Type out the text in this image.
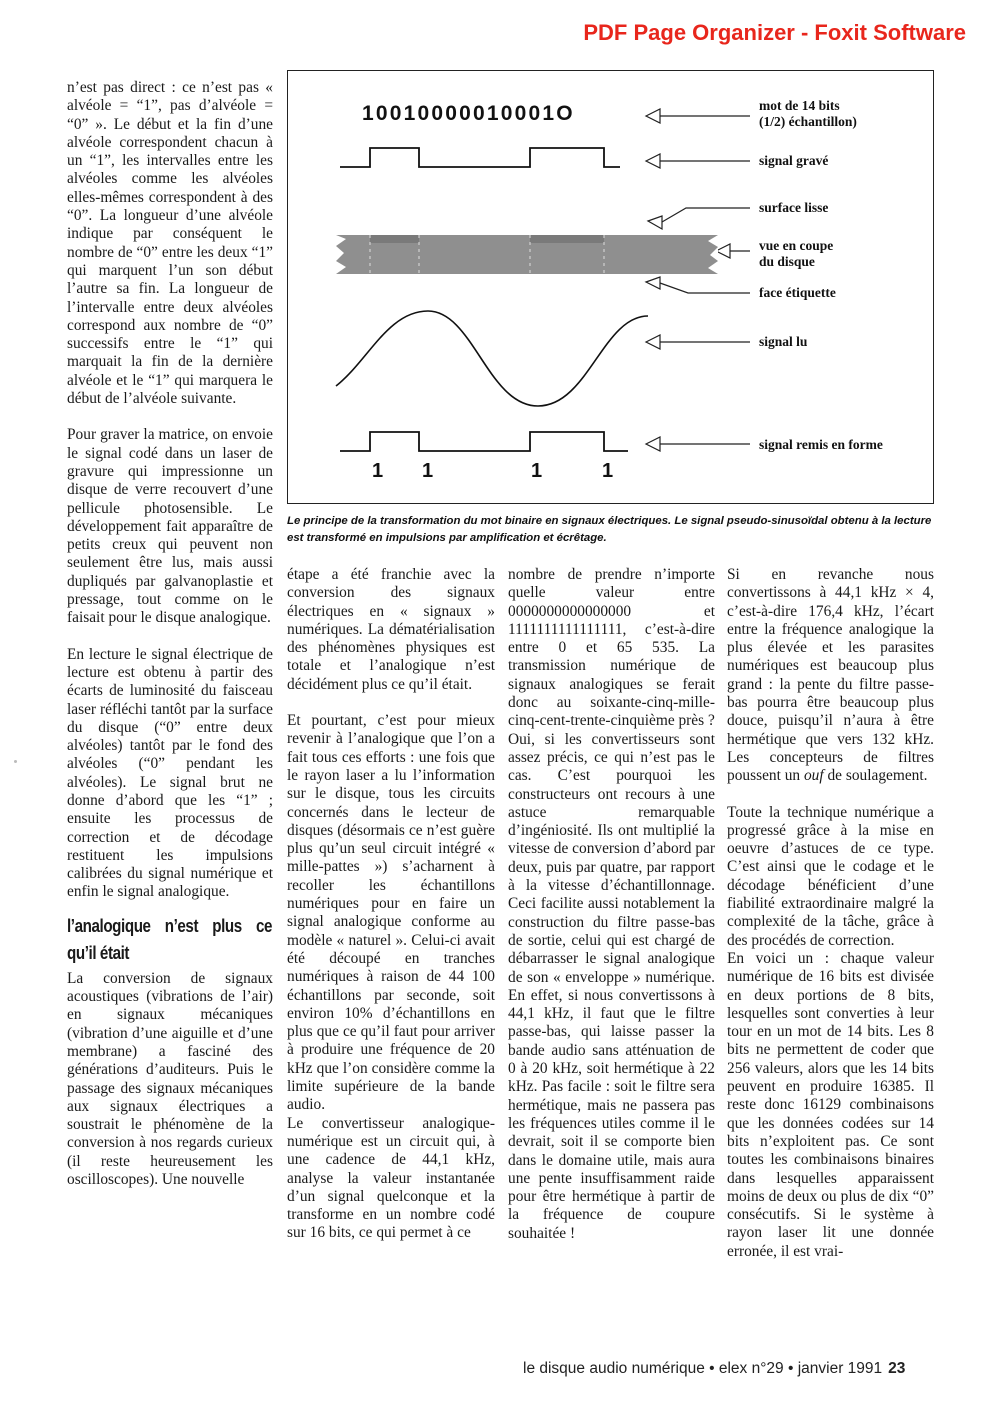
PDF Page Organizer - Foxit Software

n’est pas direct : ce n’est pas « alvéole = “1”, pas d’alvéole = “0” ». Le début et la fin d’une alvéole correspondent chacun à un “1”, les intervalles entre les alvéoles comme les alvéoles elles-mêmes correspondent à des “0”. La longueur d’une alvéole indique par conséquent le nombre de “0” entre les deux “1” qui marquent l’un son début l’autre sa fin. La longueur de l’intervalle entre deux alvéoles correspond aux nombre de “0” successifs entre le “1” qui marquait la fin de la dernière alvéole et le “1” qui marquera le début de l’alvéole suivante.

Pour graver la matrice, on envoie le signal codé dans un laser de gravure qui impressionne un disque de verre recouvert d’une pellicule photosensible. Le développement fait apparaître de petits creux qui peuvent non seulement être lus, mais aussi dupliqués par galvanoplastie et pressage, tout comme on le faisait pour le disque analogique.

En lecture le signal électrique de lecture est obtenu à partir des écarts de luminosité du faisceau laser réfléchi tantôt par la surface du disque (“0” entre deux alvéoles) tantôt par le fond des alvéoles (“0” pendant les alvéoles). Le signal brut ne donne d’abord que les “1” ; ensuite les processus de correction et de décodage restituent les impulsions calibrées du signal numérique et enfin le signal analogique.

l’analogique n’est plus ce qu’il était

La conversion de signaux acoustiques (vibrations de l’air) en signaux mécaniques (vibration d’une aiguille et d’une membrane) a fasciné des générations d’auditeurs. Puis le passage des signaux mécaniques aux signaux électriques a soustrait le phénomène de la conversion à nos regards curieux (il reste heureusement les oscilloscopes). Une nouvelle

mot de 14 bits
(1/2) échantillon)
signal gravé
surface lisse
vue en coupe
du disque
face étiquette
signal lu
signal remis en forme
10010000010001O
1 1	1	1
Le principe de la transformation du mot binaire en signaux électriques. Le signal pseudo-sinusoïdal obtenu à la lecture est transformé en impulsions par amplification et écrêtage.

étape a été franchie avec la conversion des signaux électriques en « signaux » numériques. La dématérialisation des phénomènes physiques est totale et l’analogique n’est décidément plus ce qu’il était.

Et pourtant, c’est pour mieux revenir à l’analogique que l’on a fait tous ces efforts : une fois que le rayon laser a lu l’information sur le disque, tous les circuits concernés dans le lecteur de disques (désormais ce n’est guère plus qu’un seul circuit intégré « mille-pattes ») s’acharnent à recoller les échantillons numériques pour en faire un signal analogique conforme au modèle « naturel ». Celui-ci avait été découpé en tranches numériques à raison de 44 100 échantillons par seconde, soit environ 10% d’échantillons en plus que ce qu’il faut pour arriver à produire une fréquence de 20 kHz que l’on considère comme la limite supérieure de la bande audio.

Le convertisseur analogique-numérique est un circuit qui, à une cadence de 44,1 kHz, analyse la valeur instantanée d’un signal quelconque et la transforme en un nombre codé sur 16 bits, ce qui permet à ce

nombre de prendre n’importe quelle valeur entre 0000000000000000 et 1111111111111111, c’est-à-dire entre 0 et 65 535. La transmission numérique de signaux analogiques se ferait donc au soixante-cinq-mille-cinq-cent-trente-cinquième près ?

Oui, si les convertisseurs sont assez précis, ce qui n’est pas le cas. C’est pourquoi les constructeurs ont recours à une astuce remarquable d’ingéniosité. Ils ont multiplié la vitesse de conversion d’abord par deux, puis par quatre, par rapport à la vitesse d’échantillonnage. Ceci facilite aussi notablement la construction du filtre passe-bas de sortie, celui qui est chargé de débarrasser le signal analogique de son « enveloppe » numérique. En effet, si nous convertissons à 44,1 kHz, il faut que le filtre passe-bas, qui laisse passer la bande audio sans atténuation de 0 à 20 kHz, soit hermétique à 22 kHz. Pas facile : soit le filtre sera hermétique, mais ne passera pas les fréquences utiles comme il le devrait, soit il se comporte bien dans le domaine utile, mais aura une pente insuffisamment raide pour être hermétique à partir de la fréquence de coupure souhaitée !

Si en revanche nous convertissons à 44,1 kHz × 4, c’est-à-dire 176,4 kHz, l’écart entre la fréquence analogique la plus élevée et les parasites numériques est beaucoup plus grand : la pente du filtre passe-bas pourra être beaucoup plus douce, puisqu’il n’aura à être hermétique que vers 132 kHz. Les concepteurs de filtres poussent un ouf de soulagement.

Toute la technique numérique a progressé grâce à la mise en oeuvre d’astuces de ce type. C’est ainsi que le codage et le décodage bénéficient d’une fiabilité extraordinaire malgré la complexité de la tâche, grâce à des procédés de correction.

En voici un : chaque valeur numérique de 16 bits est divisée en deux portions de 8 bits, lesquelles sont converties à leur tour en un mot de 14 bits. Les 8 bits ne permettent de coder que 256 valeurs, alors que les 14 bits peuvent en produire 16385. Il reste donc 16129 combinaisons que les données codées sur 14 bits n’exploitent pas. Ce sont toutes les combinaisons binaires dans lesquelles apparaissent moins de deux ou plus de dix “0” consécutifs. Si le système à rayon laser lit une donnée erronée, il est vrai-

le disque audio numérique • elex n°29 • janvier 1991 23
